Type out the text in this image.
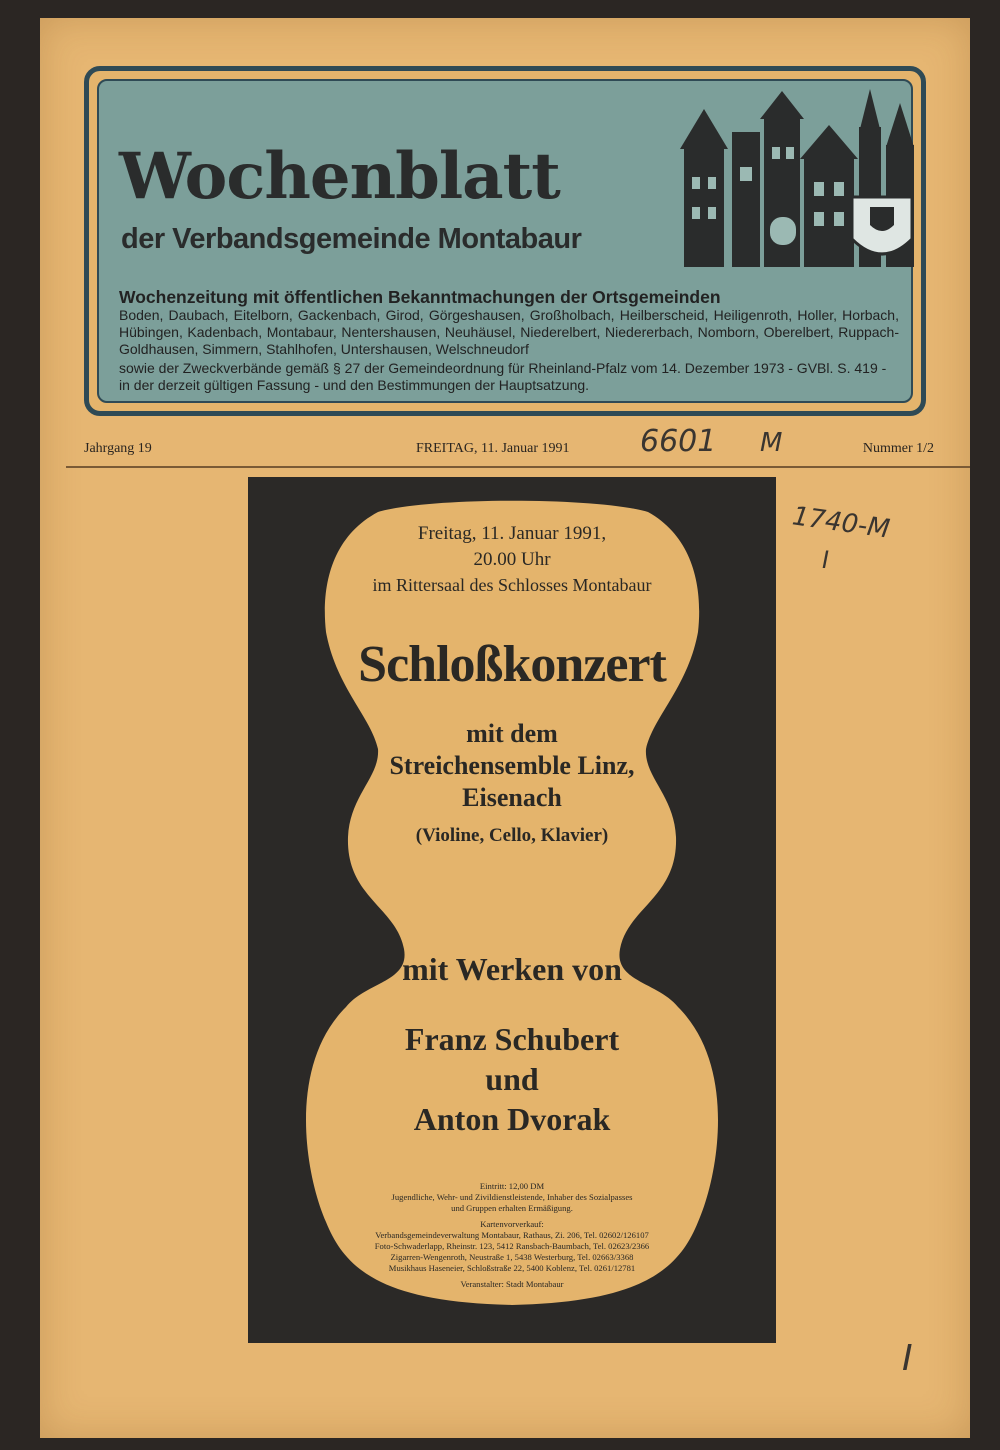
Wochenblatt
der Verbandsgemeinde Montabaur
Wochenzeitung mit öffentlichen Bekanntmachungen der Ortsgemeinden
Boden, Daubach, Eitelborn, Gackenbach, Girod, Görgeshausen, Großholbach, Heilberscheid, Heiligenroth, Holler, Horbach, Hübingen, Kadenbach, Montabaur, Nentershausen, Neuhäusel, Niederelbert, Niedererbach, Nomborn, Oberelbert, Ruppach-Goldhausen, Simmern, Stahlhofen, Untershausen, Welschneudorf
sowie der Zweckverbände gemäß § 27 der Gemeindeordnung für Rheinland-Pfalz vom 14. Dezember 1973 - GVBl. S. 419 - in der derzeit gültigen Fassung - und den Bestimmungen der Hauptsatzung.
Jahrgang 19	FREITAG, 11. Januar 1991	Nummer 1/2
6601 M
1740-M
I
I
Freitag, 11. Januar 1991,
20.00 Uhr
im Rittersaal des Schlosses Montabaur
Schloßkonzert
mit dem
Streichensemble Linz,
Eisenach
(Violine, Cello, Klavier)
mit Werken von
Franz Schubert
und
Anton Dvorak
Eintritt: 12,00 DM
Jugendliche, Wehr- und Zivildienstleistende, Inhaber des Sozialpasses
und Gruppen erhalten Ermäßigung.
Kartenvorverkauf:
Verbandsgemeindeverwaltung Montabaur, Rathaus, Zi. 206, Tel. 02602/126107
Foto-Schwaderlapp, Rheinstr. 123, 5412 Ransbach-Baumbach, Tel. 02623/2366
Zigarren-Wengenroth, Neustraße 1, 5438 Westerburg, Tel. 02663/3368
Musikhaus Haseneier, Schloßstraße 22, 5400 Koblenz, Tel. 0261/12781
Veranstalter: Stadt Montabaur
